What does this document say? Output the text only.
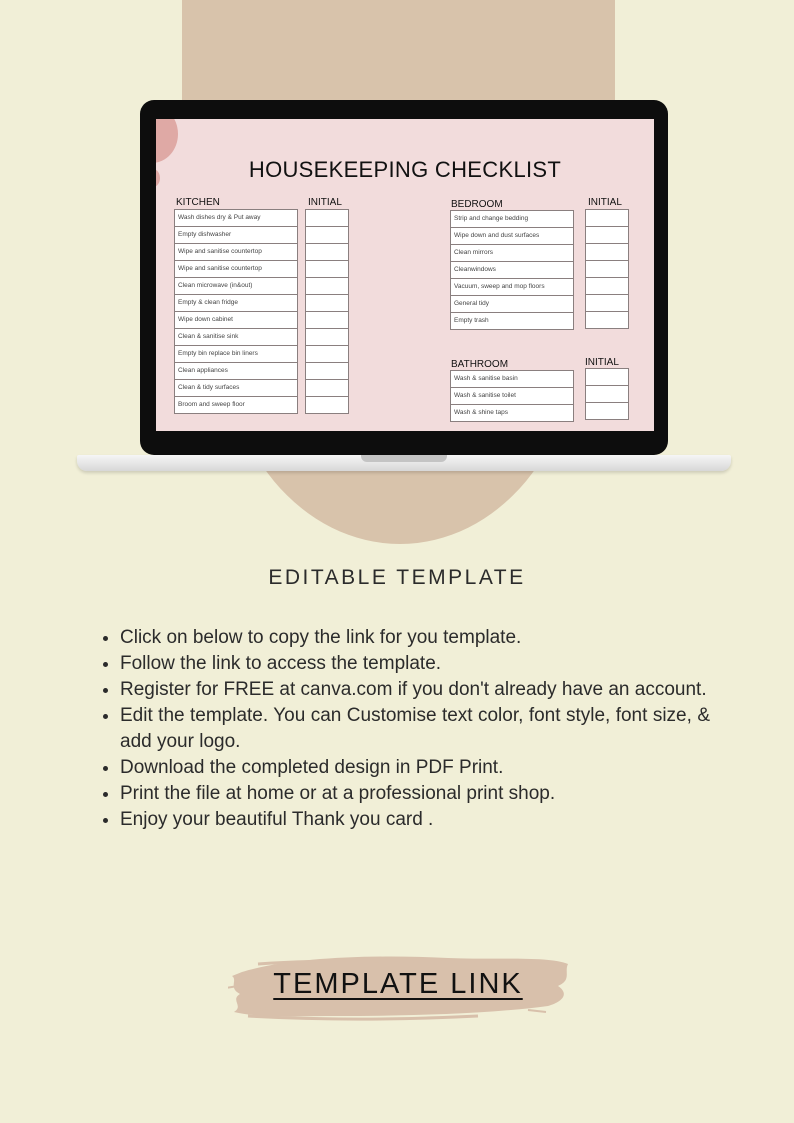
HOUSEKEEPING CHECKLIST
KITCHEN	INITIAL
Wash dishes dry & Put away
Empty dishwasher
Wipe and sanitise countertop
Wipe and sanitise countertop
Clean microwave (in&out)
Empty & clean fridge
Wipe down cabinet
Clean & sanitise sink
Empty bin replace bin liners
Clean appliances
Clean & tidy surfaces
Broom and sweep floor
BEDROOM	INITIAL
Strip and change bedding
Wipe down and dust surfaces
Clean mirrors
Cleanwindows
Vacuum, sweep and mop floors
General tidy
Empty trash
BATHROOM	INITIAL
Wash & sanitise basin
Wash & sanitise toilet
Wash & shine taps
EDITABLE TEMPLATE
• Click on below to copy the link for you template.
• Follow the link to access the template.
• Register for FREE at canva.com if you don't already have an account.
• Edit the template. You can Customise text color, font style, font size, & add your logo.
• Download the completed design in PDF Print.
• Print the file at home or at a professional print shop.
• Enjoy your beautiful Thank you card .
TEMPLATE LINK
